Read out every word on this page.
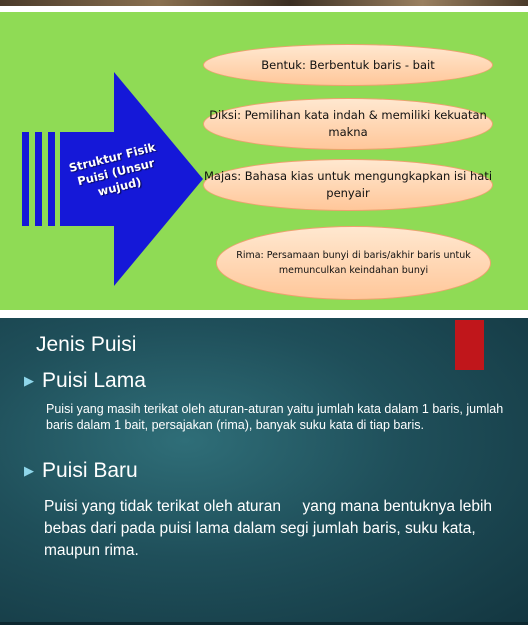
Struktur Fisik Puisi (Unsur wujud)
Bentuk: Berbentuk baris - bait
Diksi: Pemilihan kata indah & memiliki kekuatan makna
Majas: Bahasa kias untuk mengungkapkan isi hati penyair
Rima: Persamaan bunyi di baris/akhir baris untuk memunculkan keindahan bunyi
Jenis Puisi
▶ Puisi Lama

Puisi yang masih terikat oleh aturan-aturan yaitu jumlah kata dalam 1 baris, jumlah baris dalam 1 bait, persajakan (rima), banyak suku kata di tiap baris.

▶ Puisi Baru

Puisi yang tidak terikat oleh aturan     yang mana bentuknya lebih bebas dari pada puisi lama dalam segi jumlah baris, suku kata, maupun rima.
